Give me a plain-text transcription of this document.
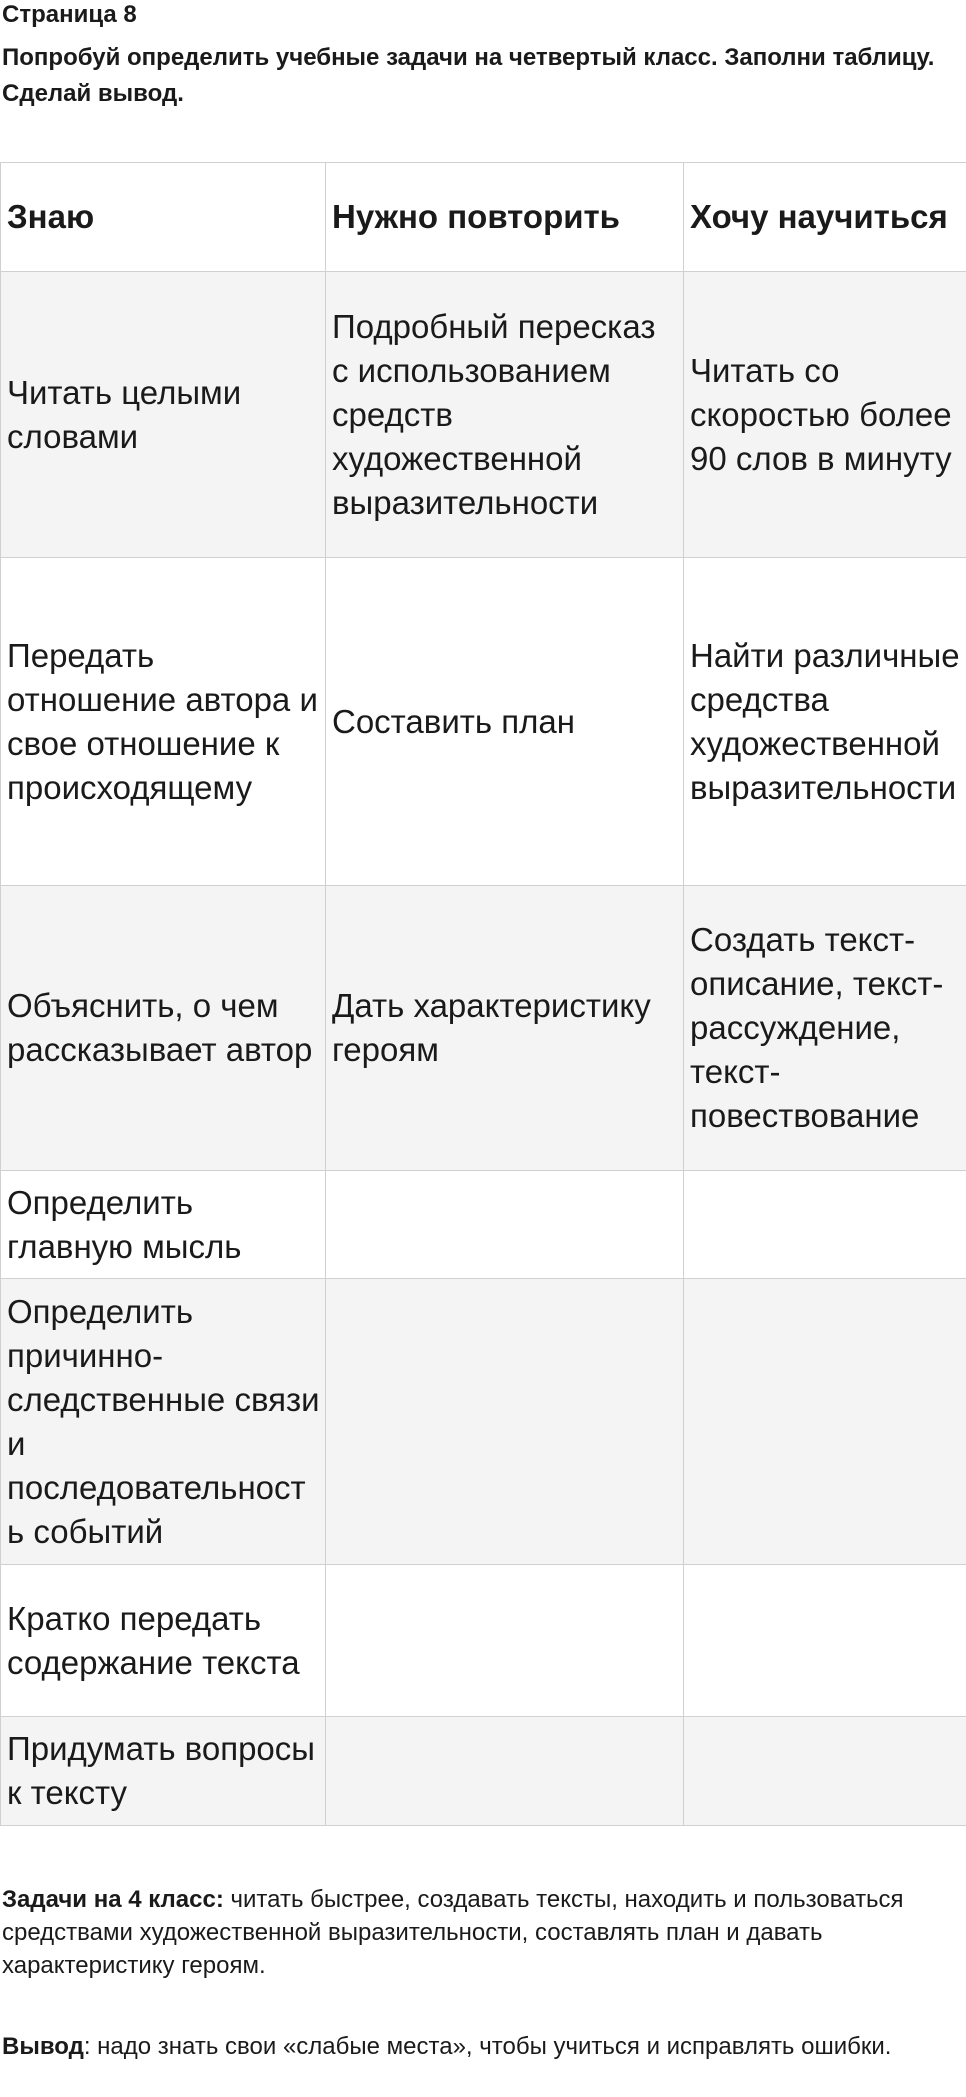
Страница 8

Попробуй определить учебные задачи на четвертый класс. Заполни таблицу. Сделай вывод.

Знаю	Нужно повторить	Хочу научиться
Читать целыми словами	Подробный пересказ с использованием средств художественной выразительности	Читать со скоростью более 90 слов в минуту
Передать отношение автора и свое отношение к происходящему	Составить план	Найти различные средства художественной выразительности
Объяснить, о чем рассказывает автор	Дать характеристику героям	Создать текст-описание, текст-рассуждение, текст-повествование
Определить главную мысль		
Определить причинно-следственные связи и последовательность событий		
Кратко передать содержание текста		
Придумать вопросы к тексту		

Задачи на 4 класс: читать быстрее, создавать тексты, находить и пользоваться средствами художественной выразительности, составлять план и давать характеристику героям.

Вывод: надо знать свои «слабые места», чтобы учиться и исправлять ошибки.
